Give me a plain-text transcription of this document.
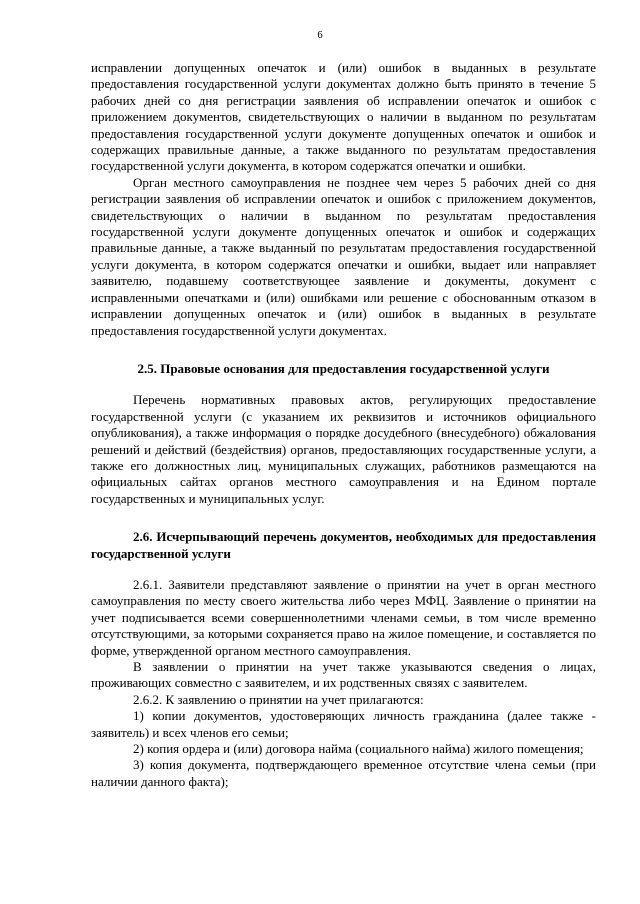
6

исправлении допущенных опечаток и (или) ошибок в выданных в результате предоставления государственной услуги документах должно быть принято в течение 5 рабочих дней со дня регистрации заявления об исправлении опечаток и ошибок с приложением документов, свидетельствующих о наличии в выданном по результатам предоставления государственной услуги документе допущенных опечаток и ошибок и содержащих правильные данные, а также выданного по результатам предоставления государственной услуги документа, в котором содержатся опечатки и ошибки.

Орган местного самоуправления не позднее чем через 5 рабочих дней со дня регистрации заявления об исправлении опечаток и ошибок с приложением документов, свидетельствующих о наличии в выданном по результатам предоставления государственной услуги документе допущенных опечаток и ошибок и содержащих правильные данные, а также выданный по результатам предоставления государственной услуги документа, в котором содержатся опечатки и ошибки, выдает или направляет заявителю, подавшему соответствующее заявление и документы, документ с исправленными опечатками и (или) ошибками или решение с обоснованным отказом в исправлении допущенных опечаток и (или) ошибок в выданных в результате предоставления государственной услуги документах.

2.5. Правовые основания для предоставления государственной услуги

Перечень нормативных правовых актов, регулирующих предоставление государственной услуги (с указанием их реквизитов и источников официального опубликования), а также информация о порядке досудебного (внесудебного) обжалования решений и действий (бездействия) органов, предоставляющих государственные услуги, а также его должностных лиц, муниципальных служащих, работников размещаются на официальных сайтах органов местного самоуправления и на Едином портале государственных и муниципальных услуг.

2.6. Исчерпывающий перечень документов, необходимых для предоставления государственной услуги

2.6.1. Заявители представляют заявление о принятии на учет в орган местного самоуправления по месту своего жительства либо через МФЦ. Заявление о принятии на учет подписывается всеми совершеннолетними членами семьи, в том числе временно отсутствующими, за которыми сохраняется право на жилое помещение, и составляется по форме, утвержденной органом местного самоуправления.

В заявлении о принятии на учет также указываются сведения о лицах, проживающих совместно с заявителем, и их родственных связях с заявителем.

2.6.2. К заявлению о принятии на учет прилагаются:

1) копии документов, удостоверяющих личность гражданина (далее также - заявитель) и всех членов его семьи;

2) копия ордера и (или) договора найма (социального найма) жилого помещения;

3) копия документа, подтверждающего временное отсутствие члена семьи (при наличии данного факта);
